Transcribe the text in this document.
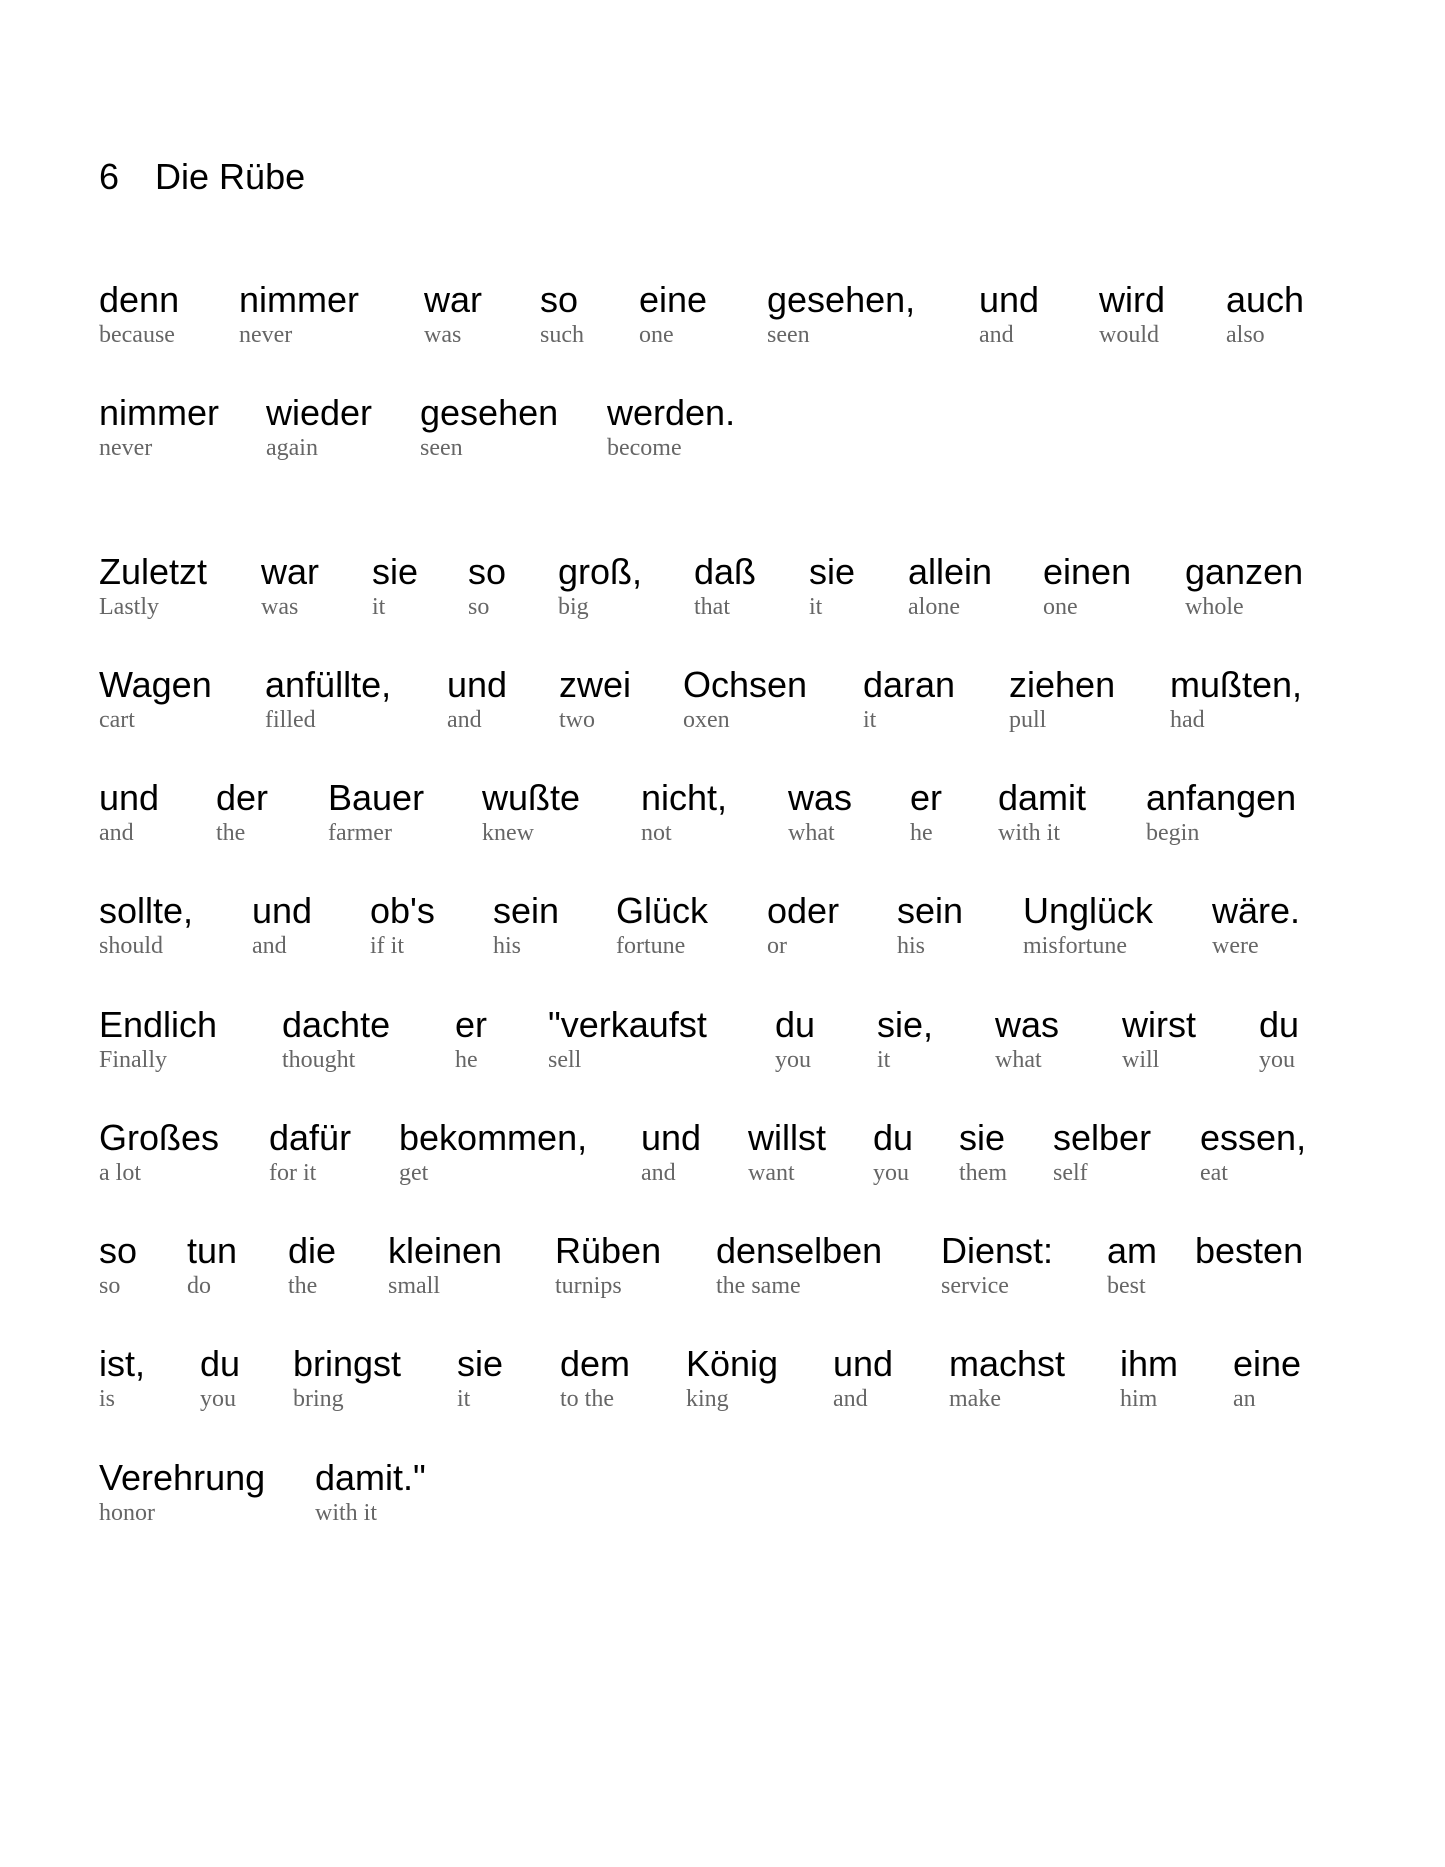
6 Die Rübe
denn
because
nimmer
never
war
was
so
such
eine
one
gesehen,
seen
und
and
wird
would
auch
also
nimmer
never
wieder
again
gesehen
seen
werden.
become
Zuletzt
Lastly
war
was
sie
it
so
so
groß,
big
daß
that
sie
it
allein
alone
einen
one
ganzen
whole
Wagen
cart
anfüllte,
filled
und
and
zwei
two
Ochsen
oxen
daran
it
ziehen
pull
mußten,
had
und
and
der
the
Bauer
farmer
wußte
knew
nicht,
not
was
what
er
he
damit
with it
anfangen
begin
sollte,
should
und
and
ob's
if it
sein
his
Glück
fortune
oder
or
sein
his
Unglück
misfortune
wäre.
were
Endlich
Finally
dachte
thought
er
he
"verkaufst
sell
du
you
sie,
it
was
what
wirst
will
du
you
Großes
a lot
dafür
for it
bekommen,
get
und
and
willst
want
du
you
sie
them
selber
self
essen,
eat
so
so
tun
do
die
the
kleinen
small
Rüben
turnips
denselben
the same
Dienst:
service
am
best
besten
ist,
is
du
you
bringst
bring
sie
it
dem
to the
König
king
und
and
machst
make
ihm
him
eine
an
Verehrung
honor
damit."
with it
